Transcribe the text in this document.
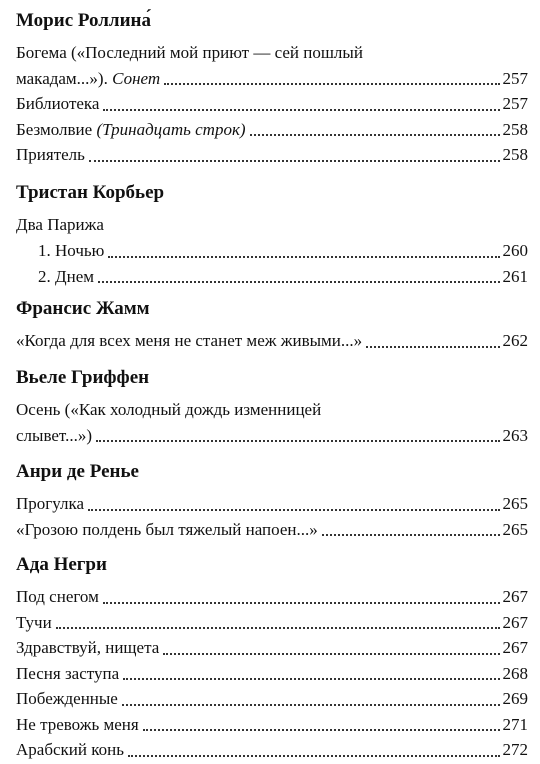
Морис Роллина́
Богема («Последний мой приют — сей пошлый
макадам...»). Сонет	257
Библиотека	257
Безмолвие (Тринадцать строк)	258
Приятель	258
Тристан Корбьер
Два Парижа
1. Ночью	260
2. Днем	261
Франсис Жамм
«Когда для всех меня не станет меж живыми...»	262
Вьеле Гриффен
Осень («Как холодный дождь изменницей
слывет...»)	263
Анри де Ренье
Прогулка	265
«Грозою полдень был тяжелый напоен...»	265
Ада Негри
Под снегом	267
Тучи	267
Здравствуй, нищета	267
Песня заступа	268
Побежденные	269
Не тревожь меня	271
Арабский конь	272
